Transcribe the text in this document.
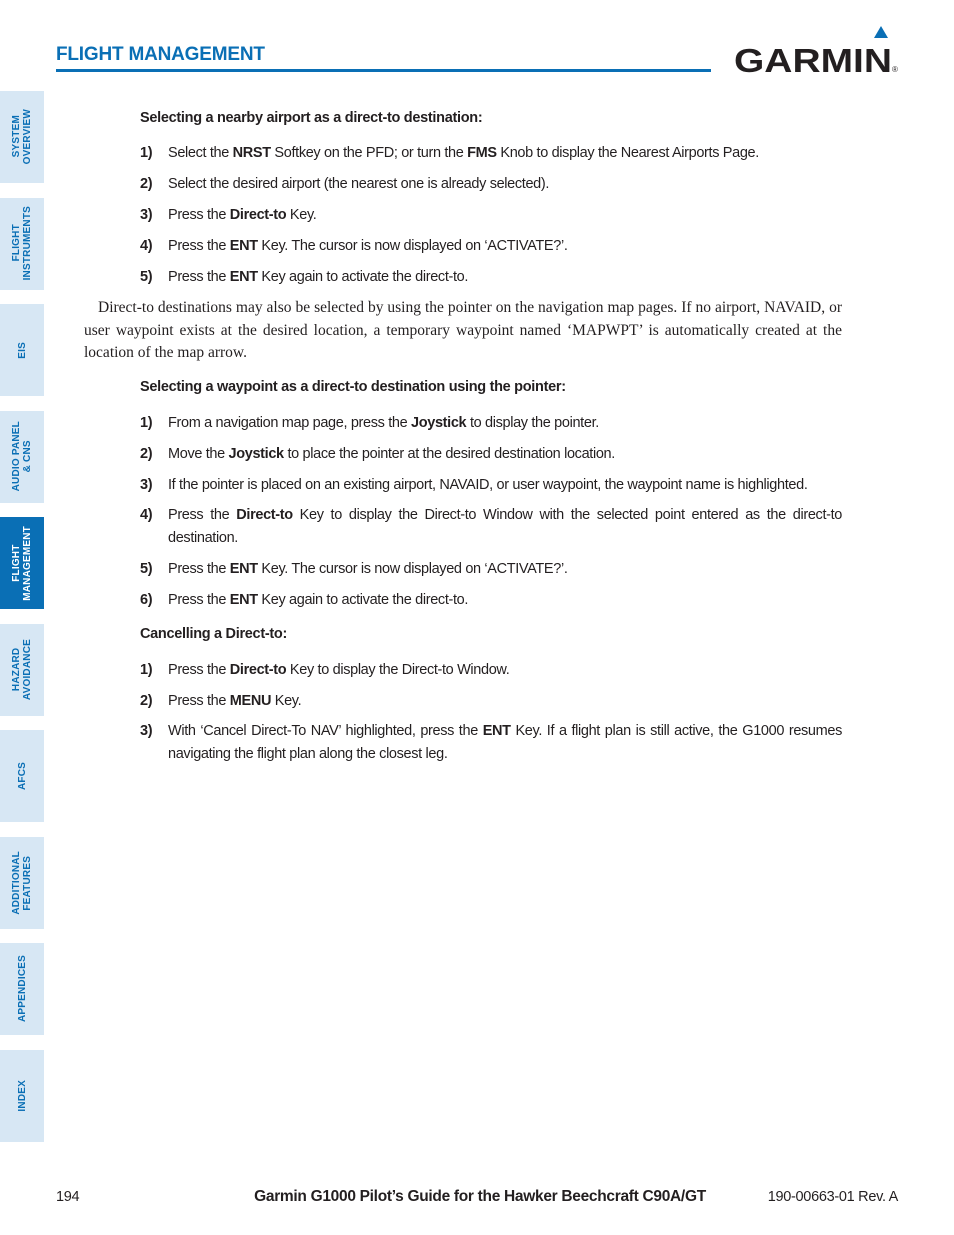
FLIGHT MANAGEMENT	GARMIN ®
SYSTEM
OVERVIEW
FLIGHT
INSTRUMENTS
EIS
AUDIO PANEL
& CNS
FLIGHT
MANAGEMENT
HAZARD
AVOIDANCE
AFCS
ADDITIONAL
FEATURES
APPENDICES
INDEX
Selecting a nearby airport as a direct-to destination:
1)	Select the NRST Softkey on the PFD; or turn the FMS Knob to display the Nearest Airports Page.
2)	Select the desired airport (the nearest one is already selected).
3)	Press the Direct-to Key.
4)	Press the ENT Key. The cursor is now displayed on ‘ACTIVATE?’.
5)	Press the ENT Key again to activate the direct-to.
Direct-to destinations may also be selected by using the pointer on the navigation map pages. If no airport, NAVAID, or user waypoint exists at the desired location, a temporary waypoint named ‘MAPWPT’ is automatically created at the location of the map arrow.
Selecting a waypoint as a direct-to destination using the pointer:
1)	From a navigation map page, press the Joystick to display the pointer.
2)	Move the Joystick to place the pointer at the desired destination location.
3)	If the pointer is placed on an existing airport, NAVAID, or user waypoint, the waypoint name is highlighted.
4)	Press the Direct-to Key to display the Direct-to Window with the selected point entered as the direct-to destination.
5)	Press the ENT Key. The cursor is now displayed on ‘ACTIVATE?’.
6)	Press the ENT Key again to activate the direct-to.
Cancelling a Direct-to:
1)	Press the Direct-to Key to display the Direct-to Window.
2)	Press the MENU Key.
3)	With ‘Cancel Direct-To NAV’ highlighted, press the ENT Key. If a flight plan is still active, the G1000 resumes navigating the flight plan along the closest leg.
194	Garmin G1000 Pilot’s Guide for the Hawker Beechcraft C90A/GT	190-00663-01 Rev. A
